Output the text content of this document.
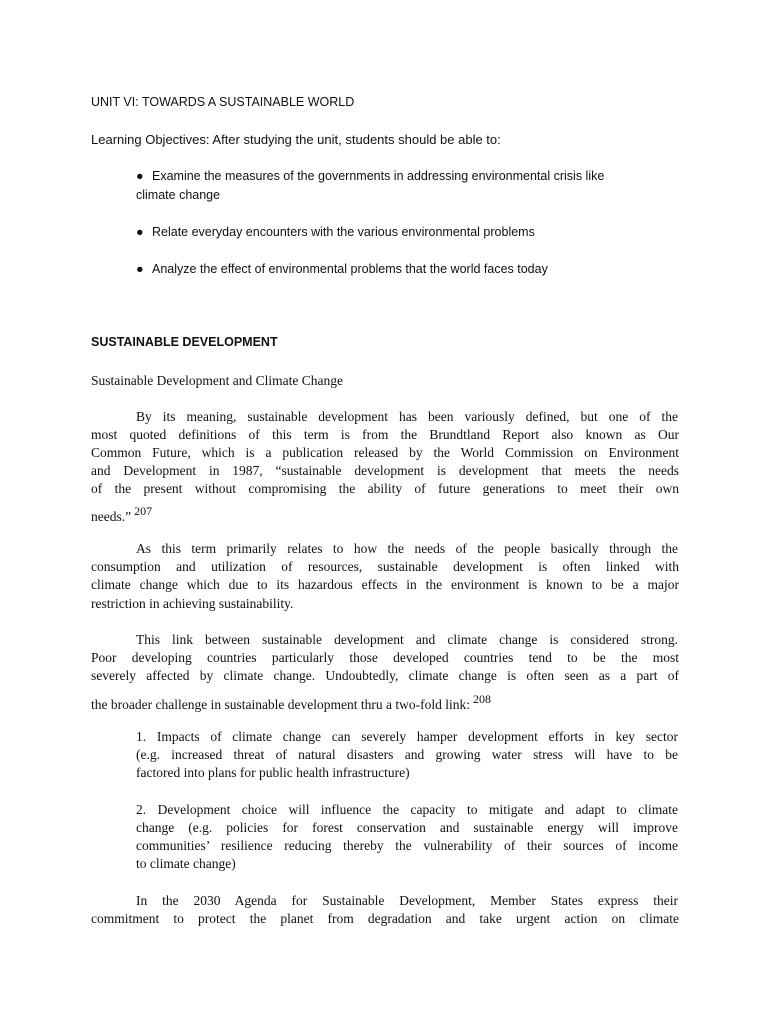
UNIT VI: TOWARDS A SUSTAINABLE WORLD
Learning Objectives: After studying the unit, students should be able to:
● Examine the measures of the governments in addressing environmental crisis like
climate change
● Relate everyday encounters with the various environmental problems
● Analyze the effect of environmental problems that the world faces today
SUSTAINABLE DEVELOPMENT
Sustainable Development and Climate Change
By its meaning, sustainable development has been variously defined, but one of the
most quoted definitions of this term is from the Brundtland Report also known as Our
Common Future, which is a publication released by the World Commission on Environment
and Development in 1987, “sustainable development is development that meets the needs
of the present without compromising the ability of future generations to meet their own
needs.” $^{207}$
As this term primarily relates to how the needs of the people basically through the
consumption and utilization of resources, sustainable development is often linked with
climate change which due to its hazardous effects in the environment is known to be a major
restriction in achieving sustainability.
This link between sustainable development and climate change is considered strong.
Poor developing countries particularly those developed countries tend to be the most
severely affected by climate change. Undoubtedly, climate change is often seen as a part of
the broader challenge in sustainable development thru a two-fold link: $^{208}$
1. Impacts of climate change can severely hamper development efforts in key sector
(e.g. increased threat of natural disasters and growing water stress will have to be
factored into plans for public health infrastructure)
2. Development choice will influence the capacity to mitigate and adapt to climate
change (e.g. policies for forest conservation and sustainable energy will improve
communities’ resilience reducing thereby the vulnerability of their sources of income
to climate change)
In the 2030 Agenda for Sustainable Development, Member States express their
commitment to protect the planet from degradation and take urgent action on climate
